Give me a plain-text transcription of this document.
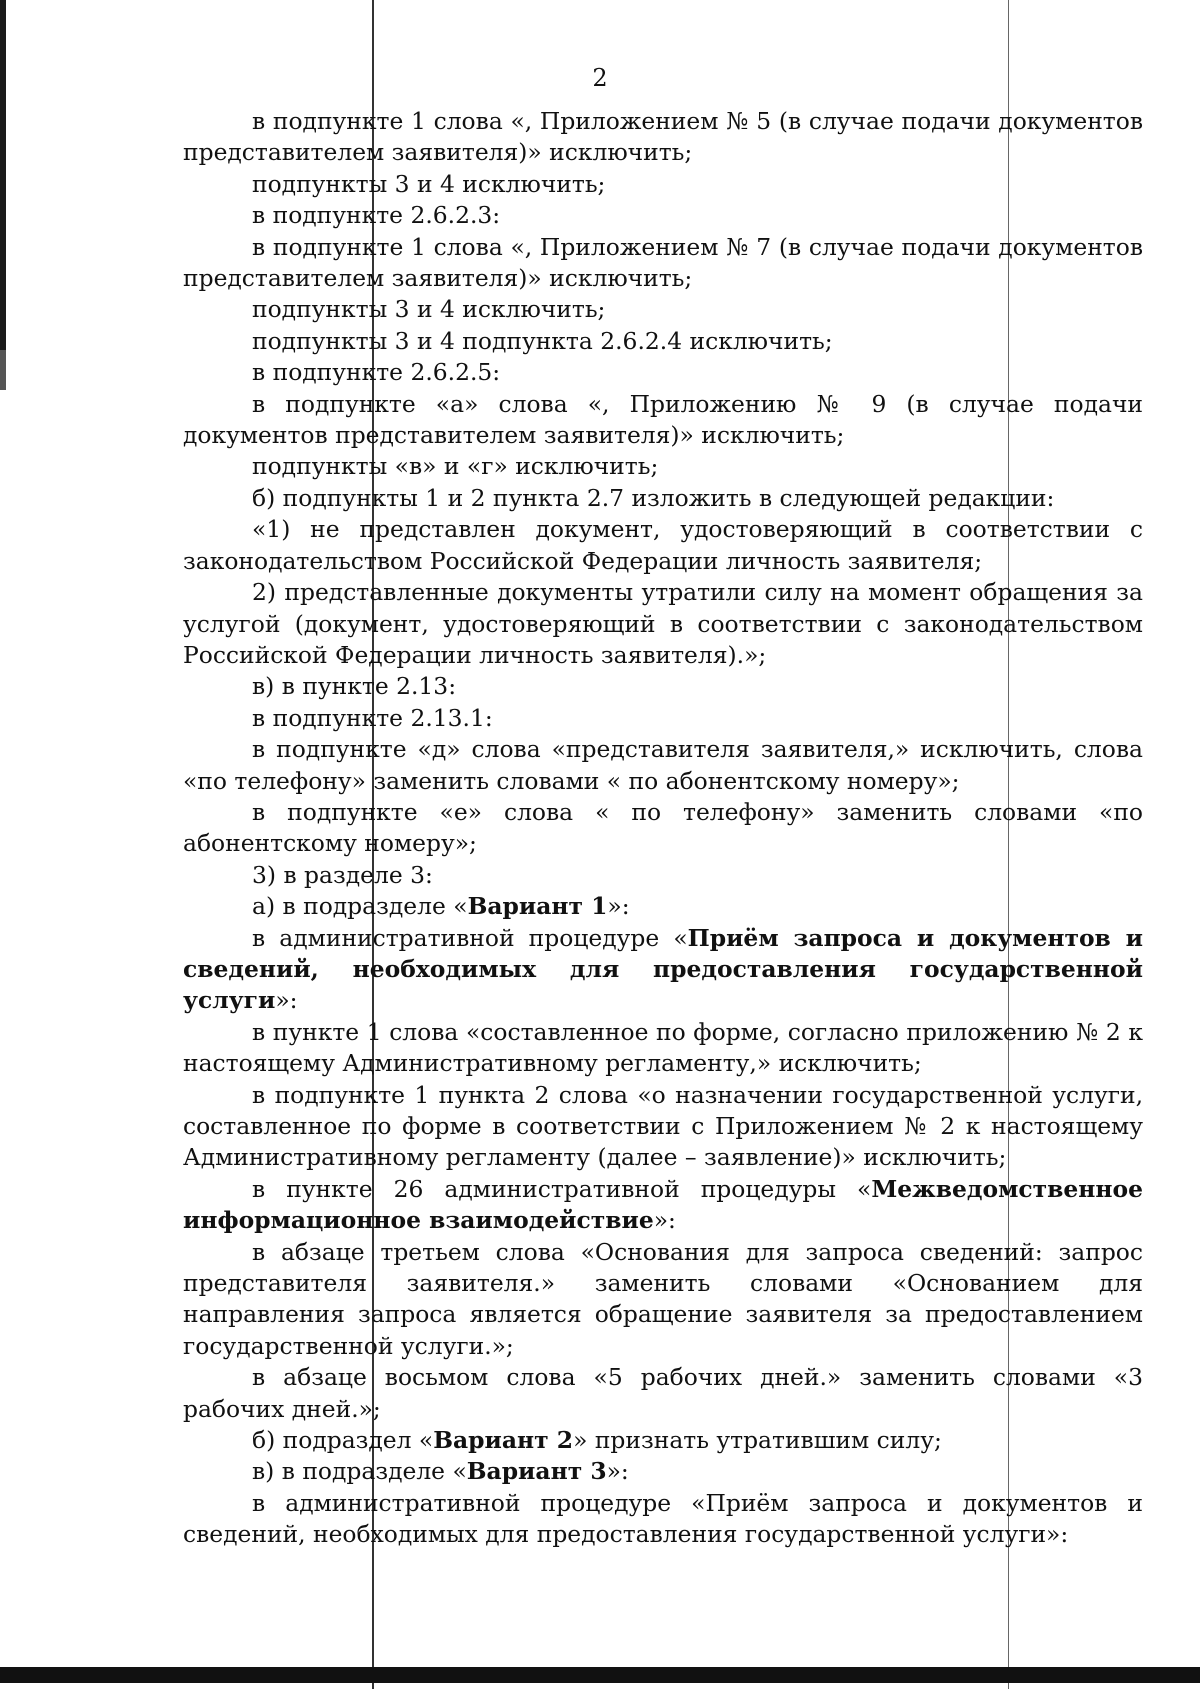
2

в подпункте 1 слова «, Приложением № 5 (в случае подачи документов представителем заявителя)» исключить;

подпункты 3 и 4 исключить;

в подпункте 2.6.2.3:

в подпункте 1 слова «, Приложением № 7 (в случае подачи документов представителем заявителя)» исключить;

подпункты 3 и 4 исключить;

подпункты 3 и 4 подпункта 2.6.2.4 исключить;

в подпункте 2.6.2.5:

в подпункте «а» слова «, Приложению № 9 (в случае подачи документов представителем заявителя)» исключить;

подпункты «в» и «г» исключить;

б) подпункты 1 и 2 пункта 2.7 изложить в следующей редакции:

«1) не представлен документ, удостоверяющий в соответствии с законодательством Российской Федерации личность заявителя;

2) представленные документы утратили силу на момент обращения за услугой (документ, удостоверяющий в соответствии с законодательством Российской Федерации личность заявителя).»;

в) в пункте 2.13:

в подпункте 2.13.1:

в подпункте «д» слова «представителя заявителя,» исключить, слова «по телефону» заменить словами « по абонентскому номеру»;

в подпункте «е» слова « по телефону» заменить словами «по абонентскому номеру»;

3) в разделе 3:

а) в подразделе «Вариант 1»:

в административной процедуре «Приём запроса и документов и сведений, необходимых для предоставления государственной услуги»:

в пункте 1 слова «составленное по форме, согласно приложению № 2 к настоящему Административному регламенту,» исключить;

в подпункте 1 пункта 2 слова «о назначении государственной услуги, составленное по форме в соответствии с Приложением № 2 к настоящему Административному регламенту (далее – заявление)» исключить;

в пункте 26 административной процедуры «Межведомственное информационное взаимодействие»:

в абзаце третьем слова «Основания для запроса сведений: запрос представителя заявителя.» заменить словами «Основанием для направления запроса является обращение заявителя за предоставлением государственной услуги.»;

в абзаце восьмом слова «5 рабочих дней.» заменить словами «3 рабочих дней.»;

б) подраздел «Вариант 2» признать утратившим силу;

в) в подразделе «Вариант 3»:

в административной процедуре «Приём запроса и документов и сведений, необходимых для предоставления государственной услуги»:
